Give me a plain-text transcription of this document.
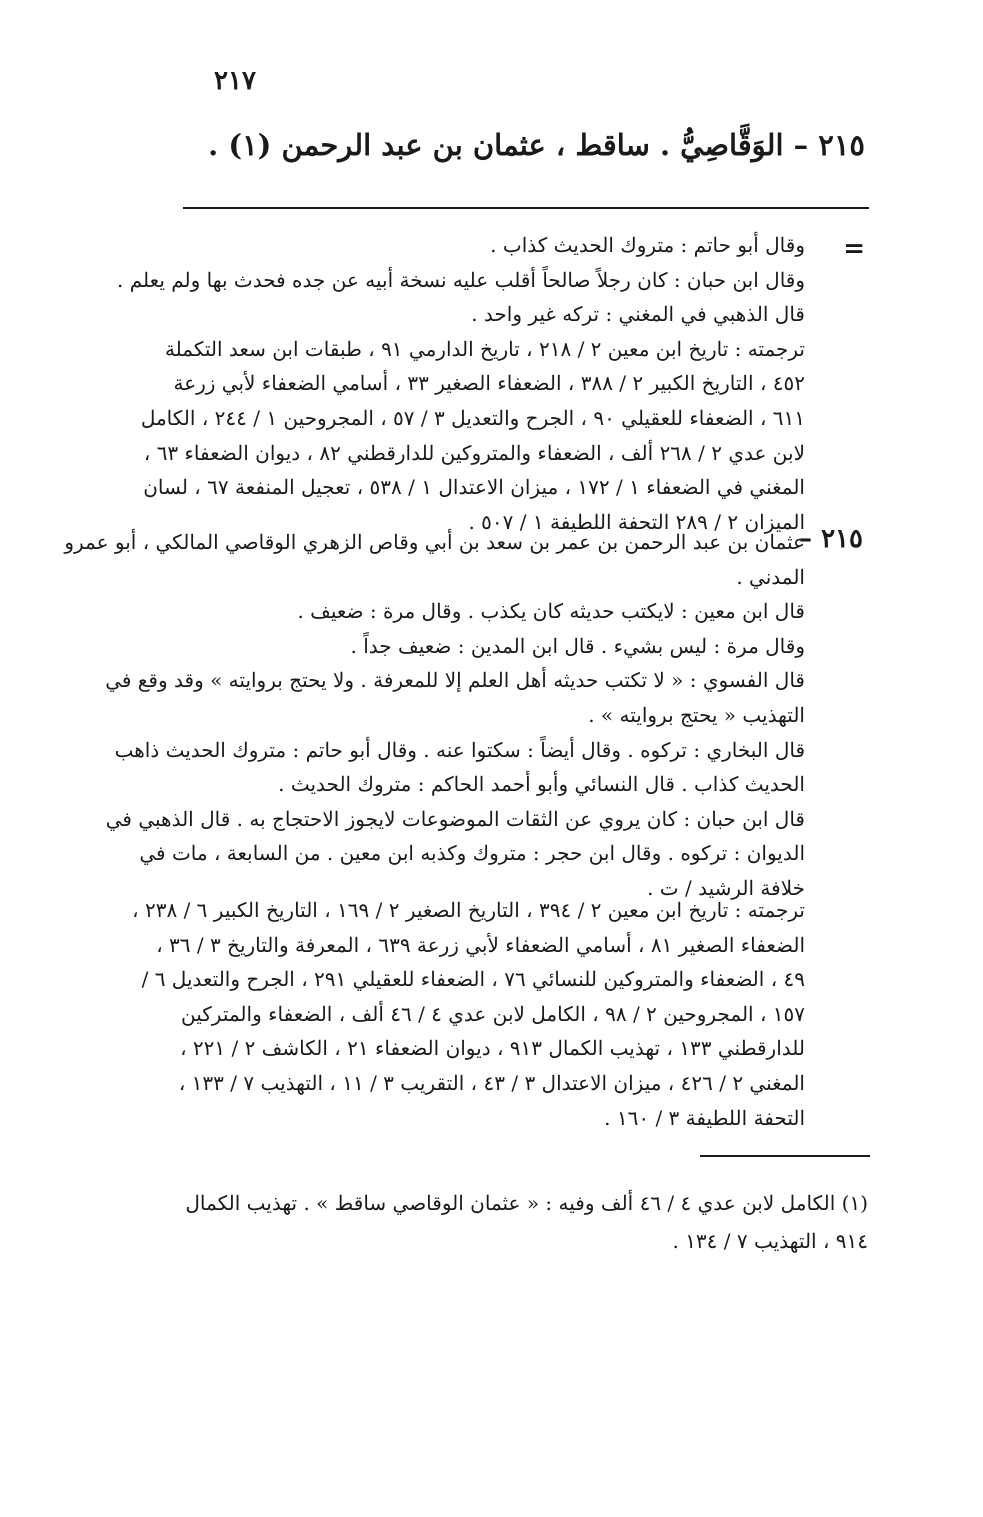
٢١٧
٢١٥ – الوَقَّاصِيُّ . ساقط ، عثمان بن عبد الرحمن (١) .
=
وقال أبو حاتم : متروك الحديث كذاب .
وقال ابن حبان : كان رجلاً صالحاً أقلب عليه نسخة أبيه عن جده فحدث بها ولم يعلم .
قال الذهبي في المغني : تركه غير واحد .
ترجمته : تاريخ ابن معين ٢ / ٢١٨ ، تاريخ الدارمي ٩١ ، طبقات ابن سعد التكملة
٤٥٢ ، التاريخ الكبير ٢ / ٣٨٨ ، الضعفاء الصغير ٣٣ ، أسامي الضعفاء لأبي زرعة
٦١١ ، الضعفاء للعقيلي ٩٠ ، الجرح والتعديل ٣ / ٥٧ ، المجروحين ١ / ٢٤٤ ، الكامل
لابن عدي ٢ / ٢٦٨ ألف ، الضعفاء والمتروكين للدارقطني ٨٢ ، ديوان الضعفاء ٦٣ ،
المغني في الضعفاء ١ / ١٧٢ ، ميزان الاعتدال ١ / ٥٣٨ ، تعجيل المنفعة ٦٧ ، لسان
الميزان ٢ / ٢٨٩ التحفة اللطيفة ١ / ٥٠٧ .
٢١٥ –
عثمان بن عبد الرحمن بن عمر بن سعد بن أبي وقاص الزهري الوقاصي المالكي ، أبو عمرو
المدني .
قال ابن معين : لايكتب حديثه كان يكذب . وقال مرة : ضعيف .
وقال مرة : ليس بشيء . قال ابن المدين : ضعيف جداً .
قال الفسوي : « لا تكتب حديثه أهل العلم إلا للمعرفة . ولا يحتج بروايته » وقد وقع في
التهذيب « يحتج بروايته » .
قال البخاري : تركوه . وقال أيضاً : سكتوا عنه . وقال أبو حاتم : متروك الحديث ذاهب
الحديث كذاب . قال النسائي وأبو أحمد الحاكم : متروك الحديث .
قال ابن حبان : كان يروي عن الثقات الموضوعات لايجوز الاحتجاج به . قال الذهبي في
الديوان : تركوه . وقال ابن حجر : متروك وكذبه ابن معين . من السابعة ، مات في
خلافة الرشيد / ت .
ترجمته : تاريخ ابن معين ٢ / ٣٩٤ ، التاريخ الصغير ٢ / ١٦٩ ، التاريخ الكبير ٦ / ٢٣٨ ،
الضعفاء الصغير ٨١ ، أسامي الضعفاء لأبي زرعة ٦٣٩ ، المعرفة والتاريخ ٣ / ٣٦ ،
٤٩ ، الضعفاء والمتروكين للنسائي ٧٦ ، الضعفاء للعقيلي ٢٩١ ، الجرح والتعديل ٦ /
١٥٧ ، المجروحين ٢ / ٩٨ ، الكامل لابن عدي ٤ / ٤٦ ألف ، الضعفاء والمتركين
للدارقطني ١٣٣ ، تهذيب الكمال ٩١٣ ، ديوان الضعفاء ٢١ ، الكاشف ٢ / ٢٢١ ،
المغني ٢ / ٤٢٦ ، ميزان الاعتدال ٣ / ٤٣ ، التقريب ٣ / ١١ ، التهذيب ٧ / ١٣٣ ،
التحفة اللطيفة ٣ / ١٦٠ .
(١) الكامل لابن عدي ٤ / ٤٦ ألف وفيه : « عثمان الوقاصي ساقط » . تهذيب الكمال
٩١٤ ، التهذيب ٧ / ١٣٤ .
